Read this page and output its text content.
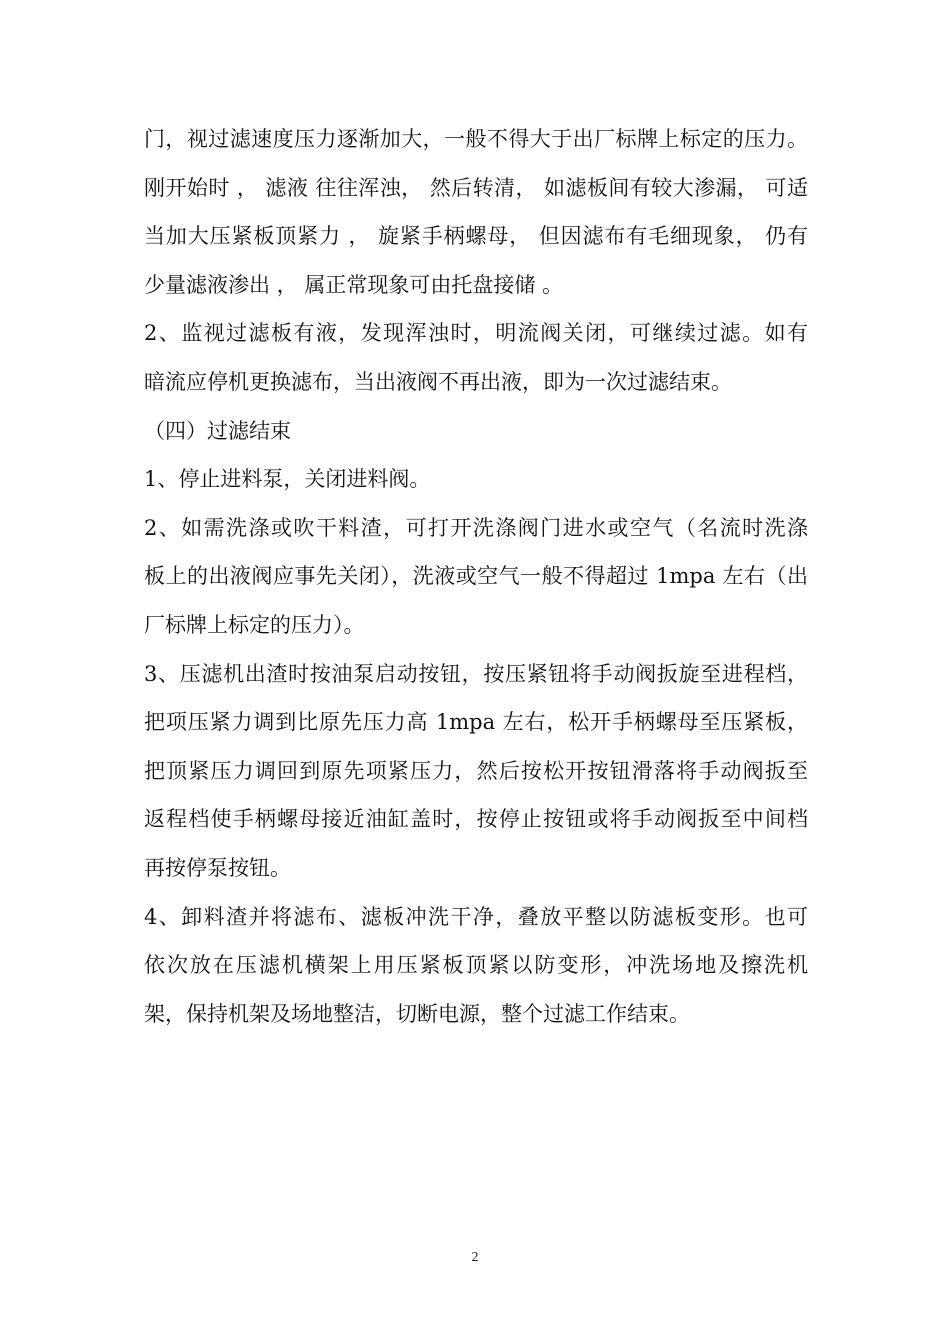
门，视过滤速度压力逐渐加大，一般不得大于出厂标牌上标定的压力。
刚开始时 ， 滤液 往往浑浊， 然后转清， 如滤板间有较大渗漏， 可适
当加大压紧板顶紧力 ， 旋紧手柄螺母， 但因滤布有毛细现象， 仍有
少量滤液渗出 ， 属正常现象可由托盘接储 。
2、监视过滤板有液，发现浑浊时，明流阀关闭，可继续过滤。如有
暗流应停机更换滤布，当出液阀不再出液，即为一次过滤结束。
（四）过滤结束
1、停止进料泵，关闭进料阀。
2、如需洗涤或吹干料渣，可打开洗涤阀门进水或空气（名流时洗涤
板上的出液阀应事先关闭），洗液或空气一般不得超过 1mpa 左右（出
厂标牌上标定的压力）。
3、压滤机出渣时按油泵启动按钮，按压紧钮将手动阀扳旋至进程档，
把项压紧力调到比原先压力高 1mpa 左右，松开手柄螺母至压紧板，
把顶紧压力调回到原先项紧压力，然后按松开按钮滑落将手动阀扳至
返程档使手柄螺母接近油缸盖时，按停止按钮或将手动阀扳至中间档
再按停泵按钮。
4、卸料渣并将滤布、滤板冲洗干净，叠放平整以防滤板变形。也可
依次放在压滤机横架上用压紧板顶紧以防变形，冲洗场地及擦洗机
架，保持机架及场地整洁，切断电源，整个过滤工作结束。
2
